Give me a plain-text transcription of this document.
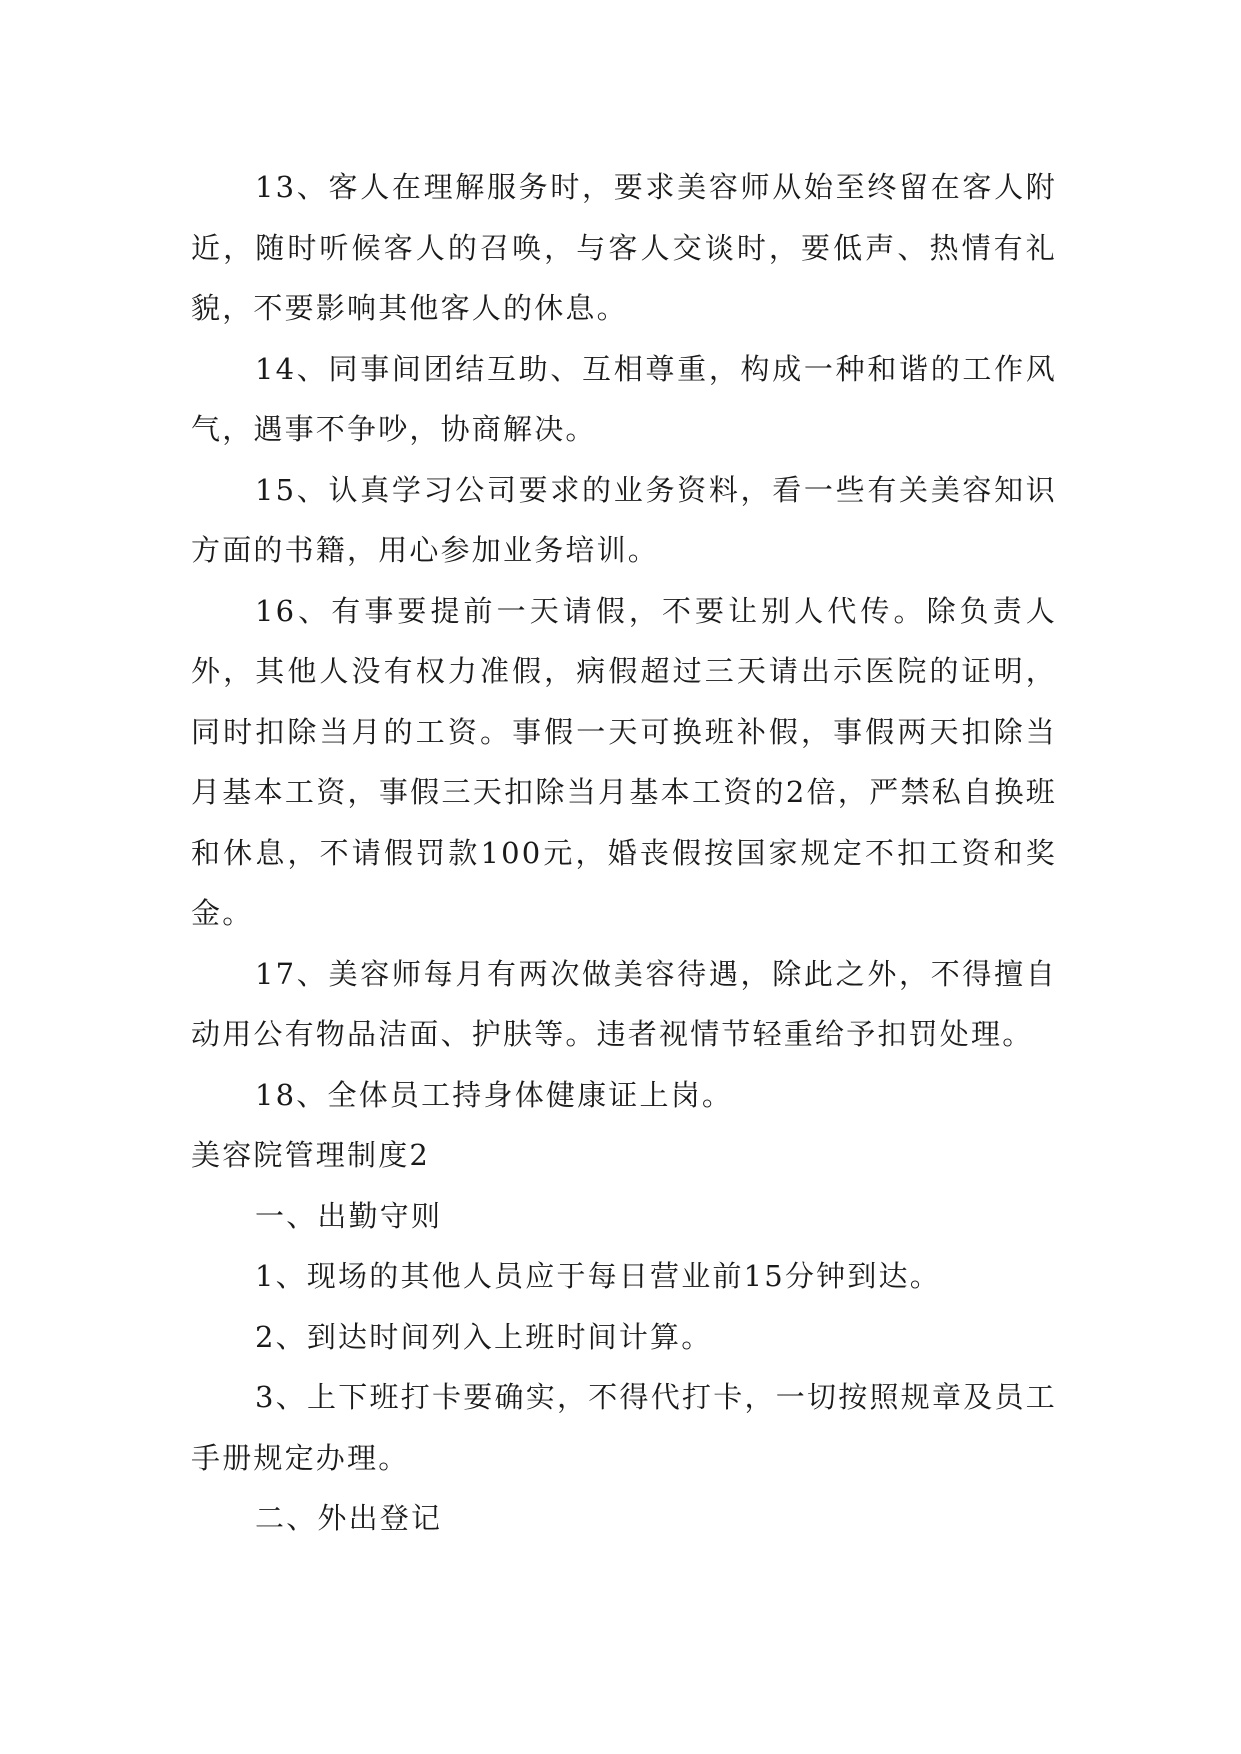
13、客人在理解服务时，要求美容师从始至终留在客人附近，随时听候客人的召唤，与客人交谈时，要低声、热情有礼貌，不要影响其他客人的休息。

14、同事间团结互助、互相尊重，构成一种和谐的工作风气，遇事不争吵，协商解决。

15、认真学习公司要求的业务资料，看一些有关美容知识方面的书籍，用心参加业务培训。

16、有事要提前一天请假，不要让别人代传。除负责人外，其他人没有权力准假，病假超过三天请出示医院的证明，同时扣除当月的工资。事假一天可换班补假，事假两天扣除当月基本工资，事假三天扣除当月基本工资的2倍，严禁私自换班和休息，不请假罚款100元，婚丧假按国家规定不扣工资和奖金。

17、美容师每月有两次做美容待遇，除此之外，不得擅自动用公有物品洁面、护肤等。违者视情节轻重给予扣罚处理。

18、全体员工持身体健康证上岗。

美容院管理制度2

一、出勤守则

1、现场的其他人员应于每日营业前15分钟到达。

2、到达时间列入上班时间计算。

3、上下班打卡要确实，不得代打卡，一切按照规章及员工手册规定办理。

二、外出登记
